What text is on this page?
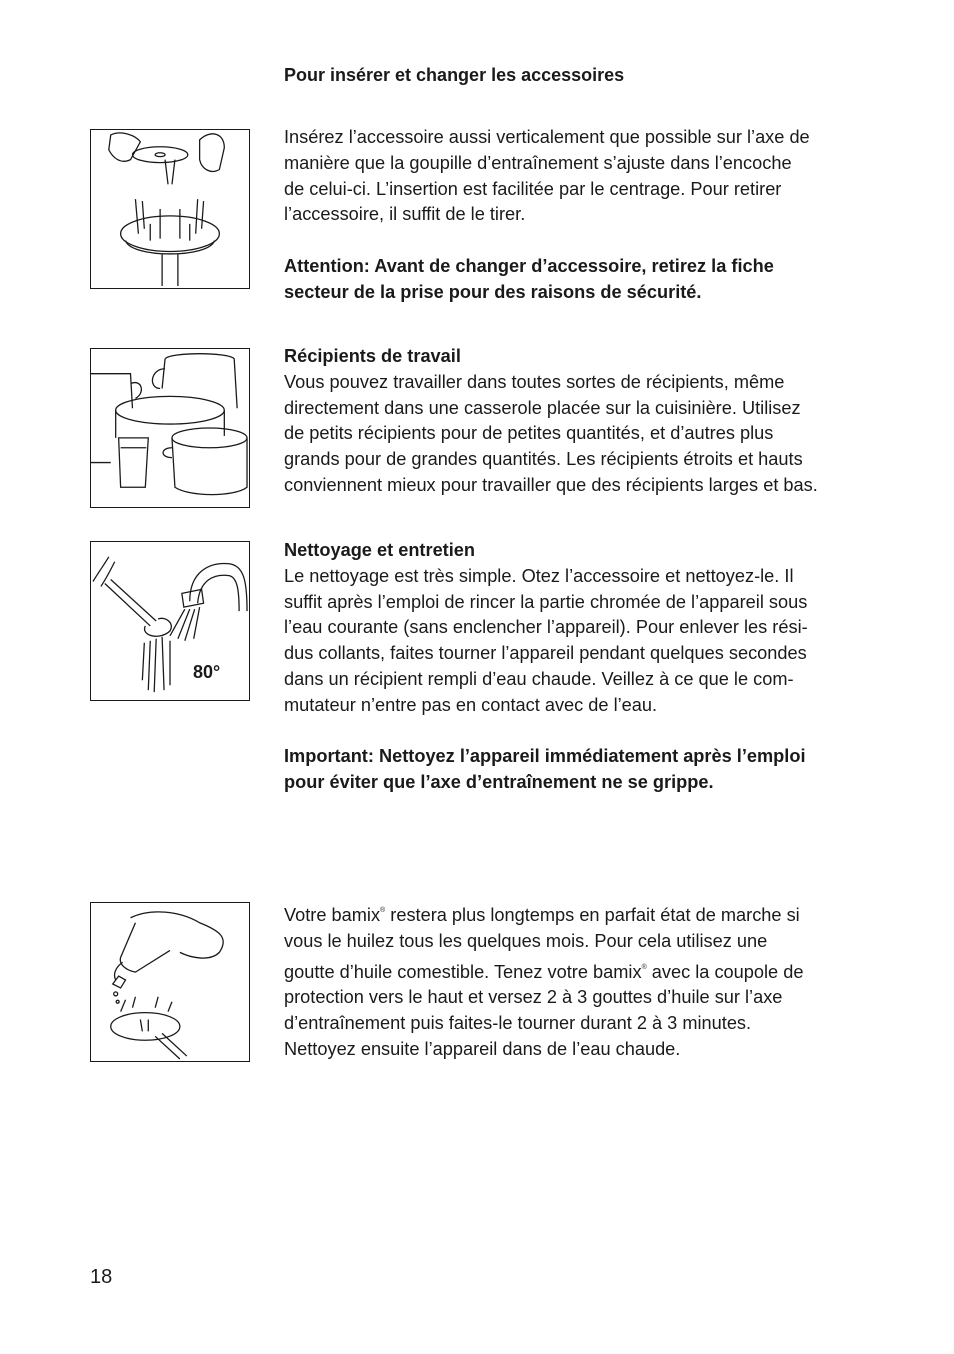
Pour insérer et changer les accessoires

Insérez l’accessoire aussi verticalement que possible sur l’axe de
manière que la goupille d’entraînement s’ajuste dans l’encoche
de celui-ci. L’insertion est facilitée par le centrage. Pour retirer
l’accessoire, il suffit de le tirer.

Attention: Avant de changer d’accessoire, retirez la fiche
secteur de la prise pour des raisons de sécurité.

Récipients de travail

Vous pouvez travailler dans toutes sortes de récipients, même
directement dans une casserole placée sur la cuisinière. Utilisez
de petits récipients pour de petites quantités, et d’autres plus
grands pour de grandes quantités. Les récipients étroits et hauts
conviennent mieux pour travailler que des récipients larges et bas.

80°

Nettoyage et entretien

Le nettoyage est très simple. Otez l’accessoire et nettoyez-le. Il
suffit après l’emploi de rincer la partie chromée de l’appareil sous
l’eau courante (sans enclencher l’appareil). Pour enlever les rési-
dus collants, faites tourner l’appareil pendant quelques secondes
dans un récipient rempli d’eau chaude. Veillez à ce que le com-
mutateur n’entre pas en contact avec de l’eau.

Important: Nettoyez l’appareil immédiatement après l’emploi
pour éviter que l’axe d’entraînement ne se grippe.

Votre bamix® restera plus longtemps en parfait état de marche si
vous le huilez tous les quelques mois. Pour cela utilisez une
goutte d’huile comestible. Tenez votre bamix® avec la coupole de
protection vers le haut et versez 2 à 3 gouttes d’huile sur l’axe
d’entraînement puis faites-le tourner durant 2 à 3 minutes.
Nettoyez ensuite l’appareil dans de l’eau chaude.

18
